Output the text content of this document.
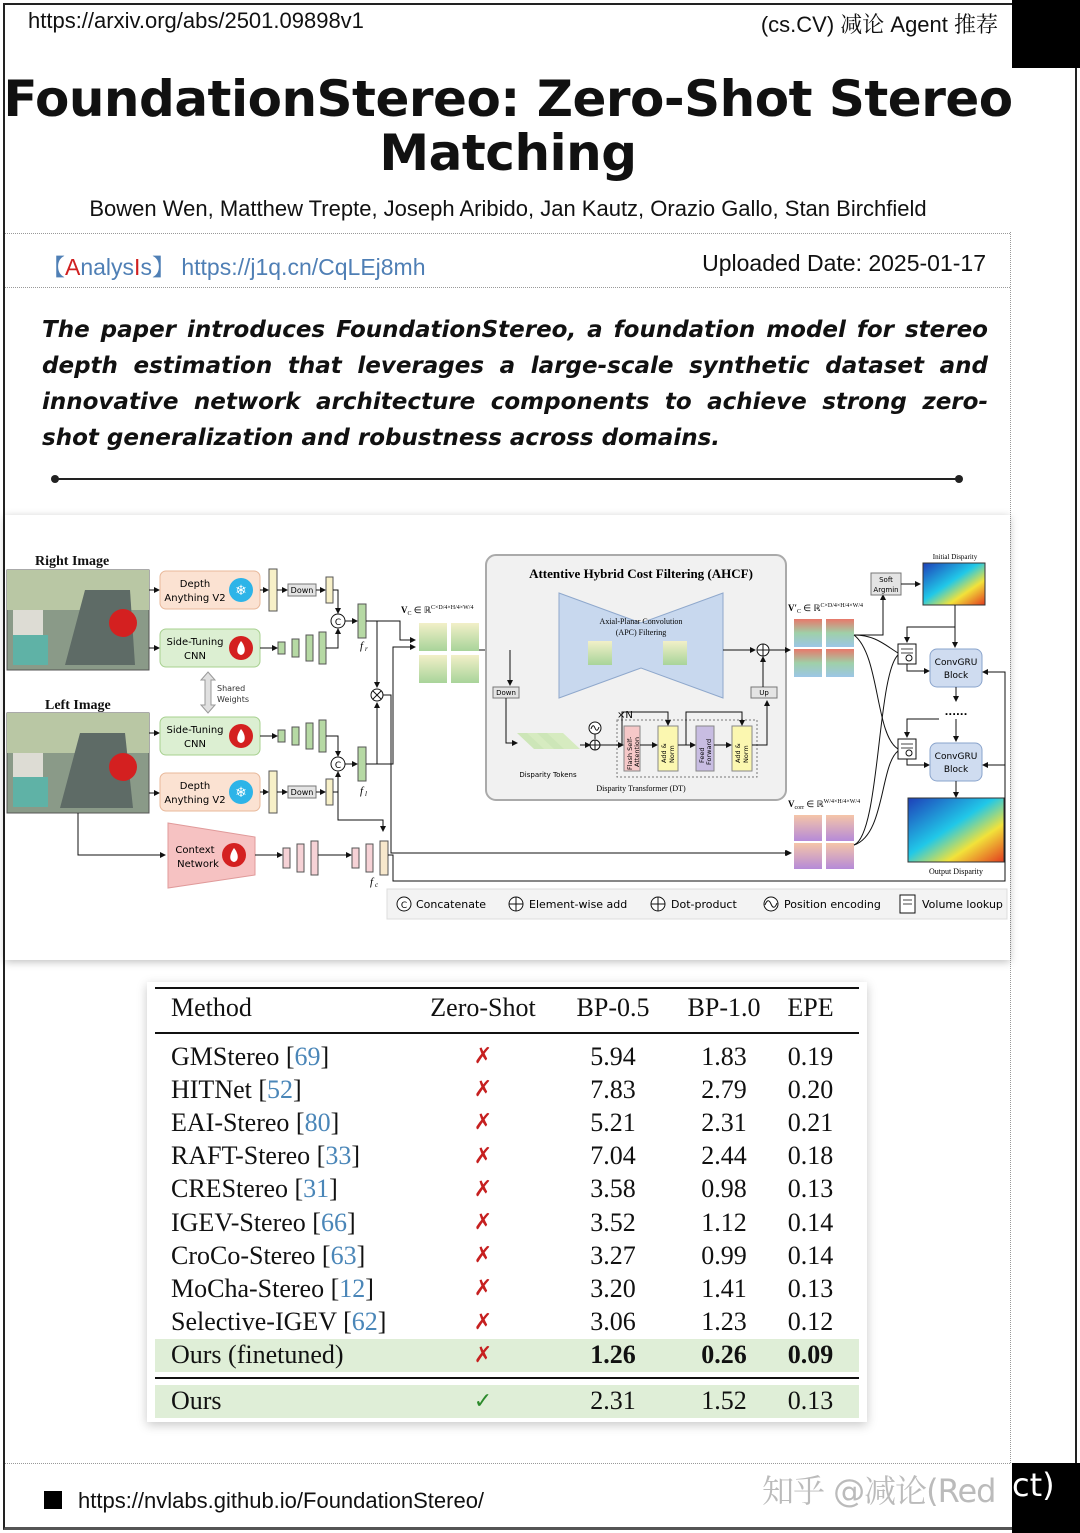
https://arxiv.org/abs/2501.09898v1	(cs.CV) 减论 Agent 推荐
FoundationStereo: Zero-Shot Stereo Matching
Bowen Wen, Matthew Trepte, Joseph Aribido, Jan Kautz, Orazio Gallo, Stan Birchfield
【AnalysIs】 https://j1q.cn/CqLEj8mh	Uploaded Date: 2025-01-17

The paper introduces FoundationStereo, a foundation model for stereo depth estimation that leverages a large-scale synthetic dataset and innovative network architecture components to achieve strong zero-shot generalization and robustness across domains.

Right Image
Left Image
Depth
Anything V2 ❄
Side-Tuning
CNN
Shared
Weights
Side-Tuning
CNN
Depth
Anything V2 ❄
Context
Network
Down
C
f r
C
f l
Down
f c
$V_C$ ∈ ℝ$^{C\times D/4\times H/4\times W/4}$
Attentive Hybrid Cost Filtering (AHCF)
Axial-Planar Convolution
(APC) Filtering
Down
Disparity Tokens
×N
Flash Self- Attention	Add & Norm	Feed Forward	Add & Norm
Up
Disparity Transformer (DT)
$V'_C$ ∈ ℝ$^{C\times D/4\times H/4\times W/4}$
$V_{corr}$ ∈ ℝ$^{W/4\times H/4\times W/4}$
Soft
Argmin
Initial Disparity
ConvGRU
Block
......
ConvGRU
Block
Output Disparity
C Concatenate	Element-wise add	Dot-product	Position encoding	Volume lookup
Method	Zero-Shot	BP-0.5	BP-1.0	EPE
GMStereo [69]	✗	5.94	1.83	0.19
HITNet [52]	✗	7.83	2.79	0.20
EAI-Stereo [80]	✗	5.21	2.31	0.21
RAFT-Stereo [33]	✗	7.04	2.44	0.18
CREStereo [31]	✗	3.58	0.98	0.13
IGEV-Stereo [66]	✗	3.52	1.12	0.14
CroCo-Stereo [63]	✗	3.27	0.99	0.14
MoCha-Stereo [12]	✗	3.20	1.41	0.13
Selective-IGEV [62]	✗	3.06	1.23	0.12
Ours (finetuned)	✗	1.26	0.26	0.09
Ours	✓	2.31	1.52	0.13
https://nvlabs.github.io/FoundationStereo/	知乎 @减论(Red ct)
